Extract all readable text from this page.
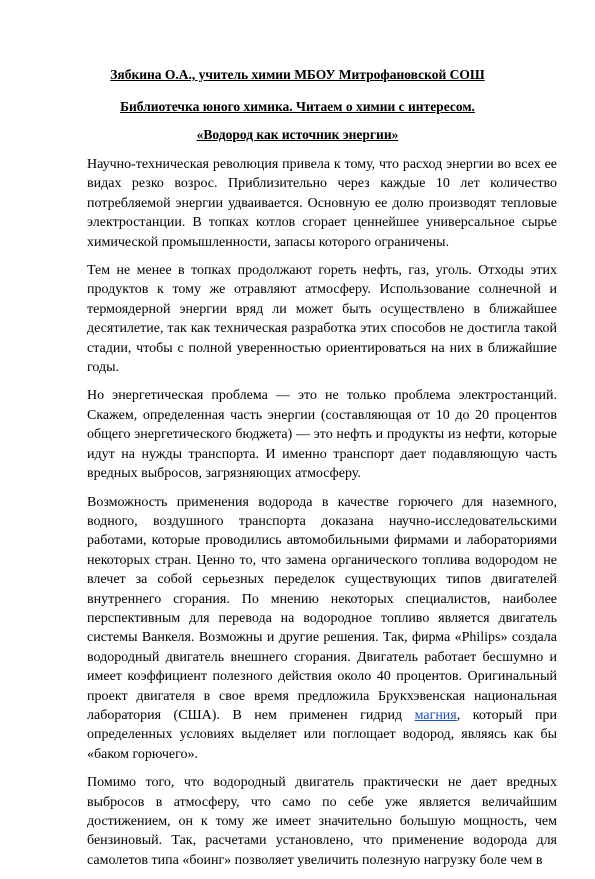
Зябкина О.А., учитель химии МБОУ Митрофановской СОШ

Библиотечка юного химика. Читаем о химии с интересом.

«Водород как источник энергии»

Научно-техническая революция привела к тому, что расход энергии во всех ее видах резко возрос. Приблизительно через каждые 10 лет количество потребляемой энергии удваивается. Основную ее долю производят тепловые электростанции. В топках котлов сгорает ценнейшее универсальное сырье химической промышленности, запасы которого ограничены.

Тем не менее в топках продолжают гореть нефть, газ, уголь. Отходы этих продуктов к тому же отравляют атмосферу. Использование солнечной и термоядерной энергии вряд ли может быть осуществлено в ближайшее десятилетие, так как техническая разработка этих способов не достигла такой стадии, чтобы с полной уверенностью ориентироваться на них в ближайшие годы.

Но энергетическая проблема — это не только проблема электростанций. Скажем, определенная часть энергии (составляющая от 10 до 20 процентов общего энергетического бюджета) — это нефть и продукты из нефти, которые идут на нужды транспорта. И именно транспорт дает подавляющую часть вредных выбросов, загрязняющих атмосферу.

Возможность применения водорода в качестве горючего для наземного, водного, воздушного транспорта доказана научно-исследовательскими работами, которые проводились автомобильными фирмами и лабораториями некоторых стран. Ценно то, что замена органического топлива водородом не влечет за собой серьезных переделок существующих типов двигателей внутреннего сгорания. По мнению некоторых специалистов, наиболее перспективным для перевода на водородное топливо является двигатель системы Ванкеля. Возможны и другие решения. Так, фирма «Philips» создала водородный двигатель внешнего сгорания. Двигатель работает бесшумно и имеет коэффициент полезного действия около 40 процентов. Оригинальный проект двигателя в свое время предложила Брукхэвенская национальная лаборатория (США). В нем применен гидрид магния, который при определенных условиях выделяет или поглощает водород, являясь как бы «баком горючего».

Помимо того, что водородный двигатель практически не дает вредных выбросов в атмосферу, что само по себе уже является величайшим достижением, он к тому же имеет значительно большую мощность, чем бензиновый. Так, расчетами установлено, что применение водорода для самолетов типа «боинг» позволяет увеличить полезную нагрузку боле чем в
